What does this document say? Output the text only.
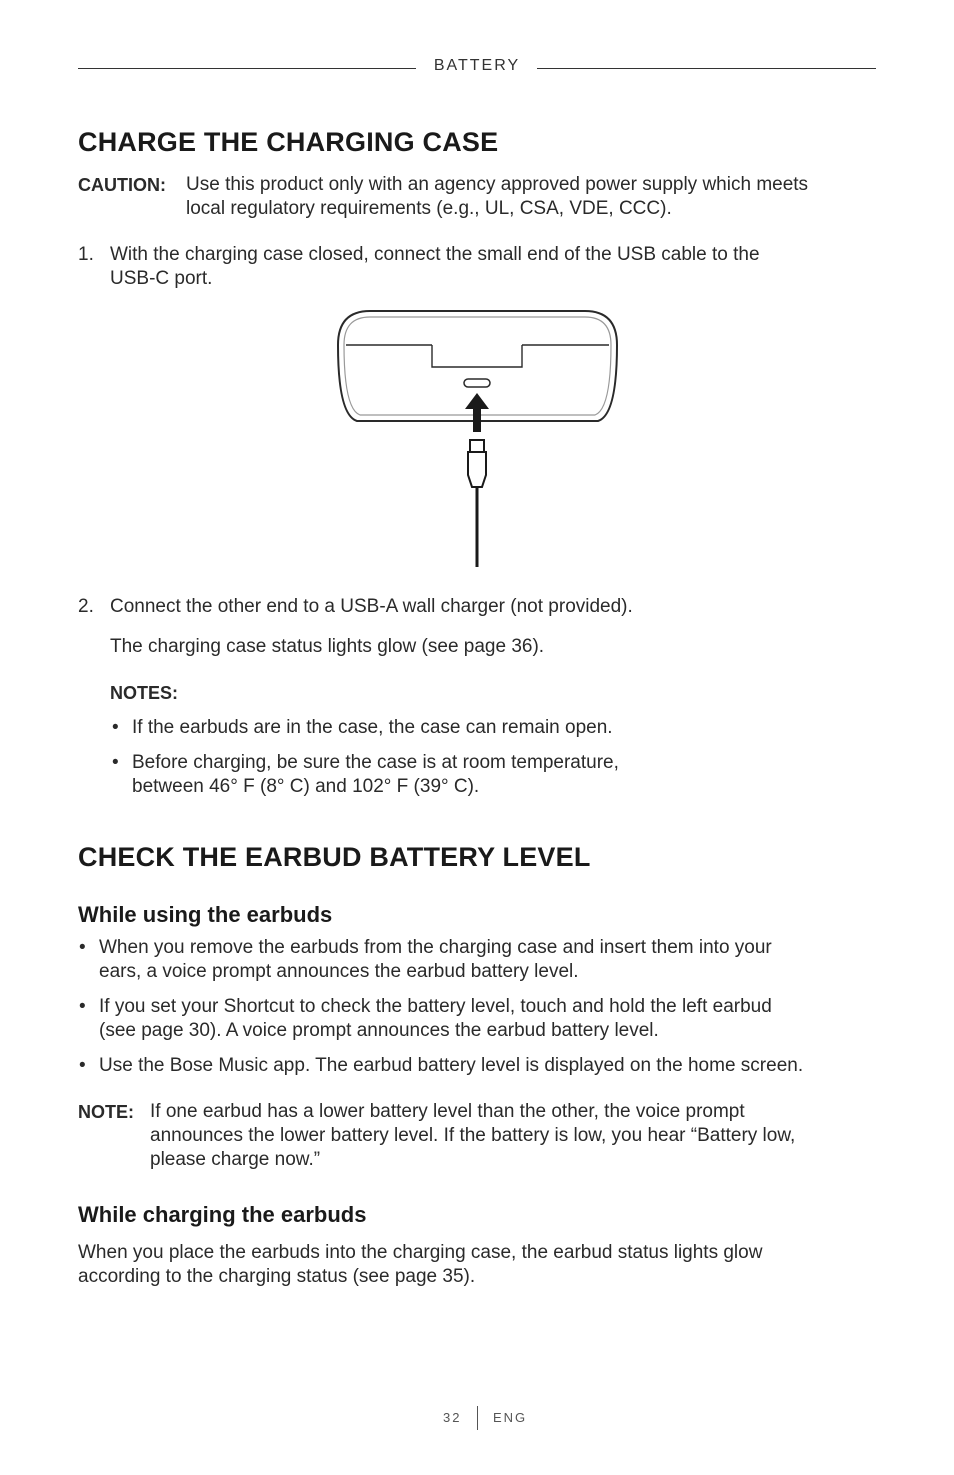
BATTERY
CHARGE THE CHARGING CASE
CAUTION: Use this product only with an agency approved power supply which meets
local regulatory requirements (e.g., UL, CSA, VDE, CCC).
1. With the charging case closed, connect the small end of the USB cable to the
USB-C port.
2. Connect the other end to a USB-A wall charger (not provided).
The charging case status lights glow (see page 36).
NOTES:
• If the earbuds are in the case, the case can remain open.
• Before charging, be sure the case is at room temperature,
between 46° F (8° C) and 102° F (39° C).
CHECK THE EARBUD BATTERY LEVEL
While using the earbuds
• When you remove the earbuds from the charging case and insert them into your
ears, a voice prompt announces the earbud battery level.
• If you set your Shortcut to check the battery level, touch and hold the left earbud
(see page 30). A voice prompt announces the earbud battery level.
• Use the Bose Music app. The earbud battery level is displayed on the home screen.
NOTE: If one earbud has a lower battery level than the other, the voice prompt
announces the lower battery level. If the battery is low, you hear “Battery low,
please charge now.”
While charging the earbuds
When you place the earbuds into the charging case, the earbud status lights glow
according to the charging status (see page 35).
32 ENG
